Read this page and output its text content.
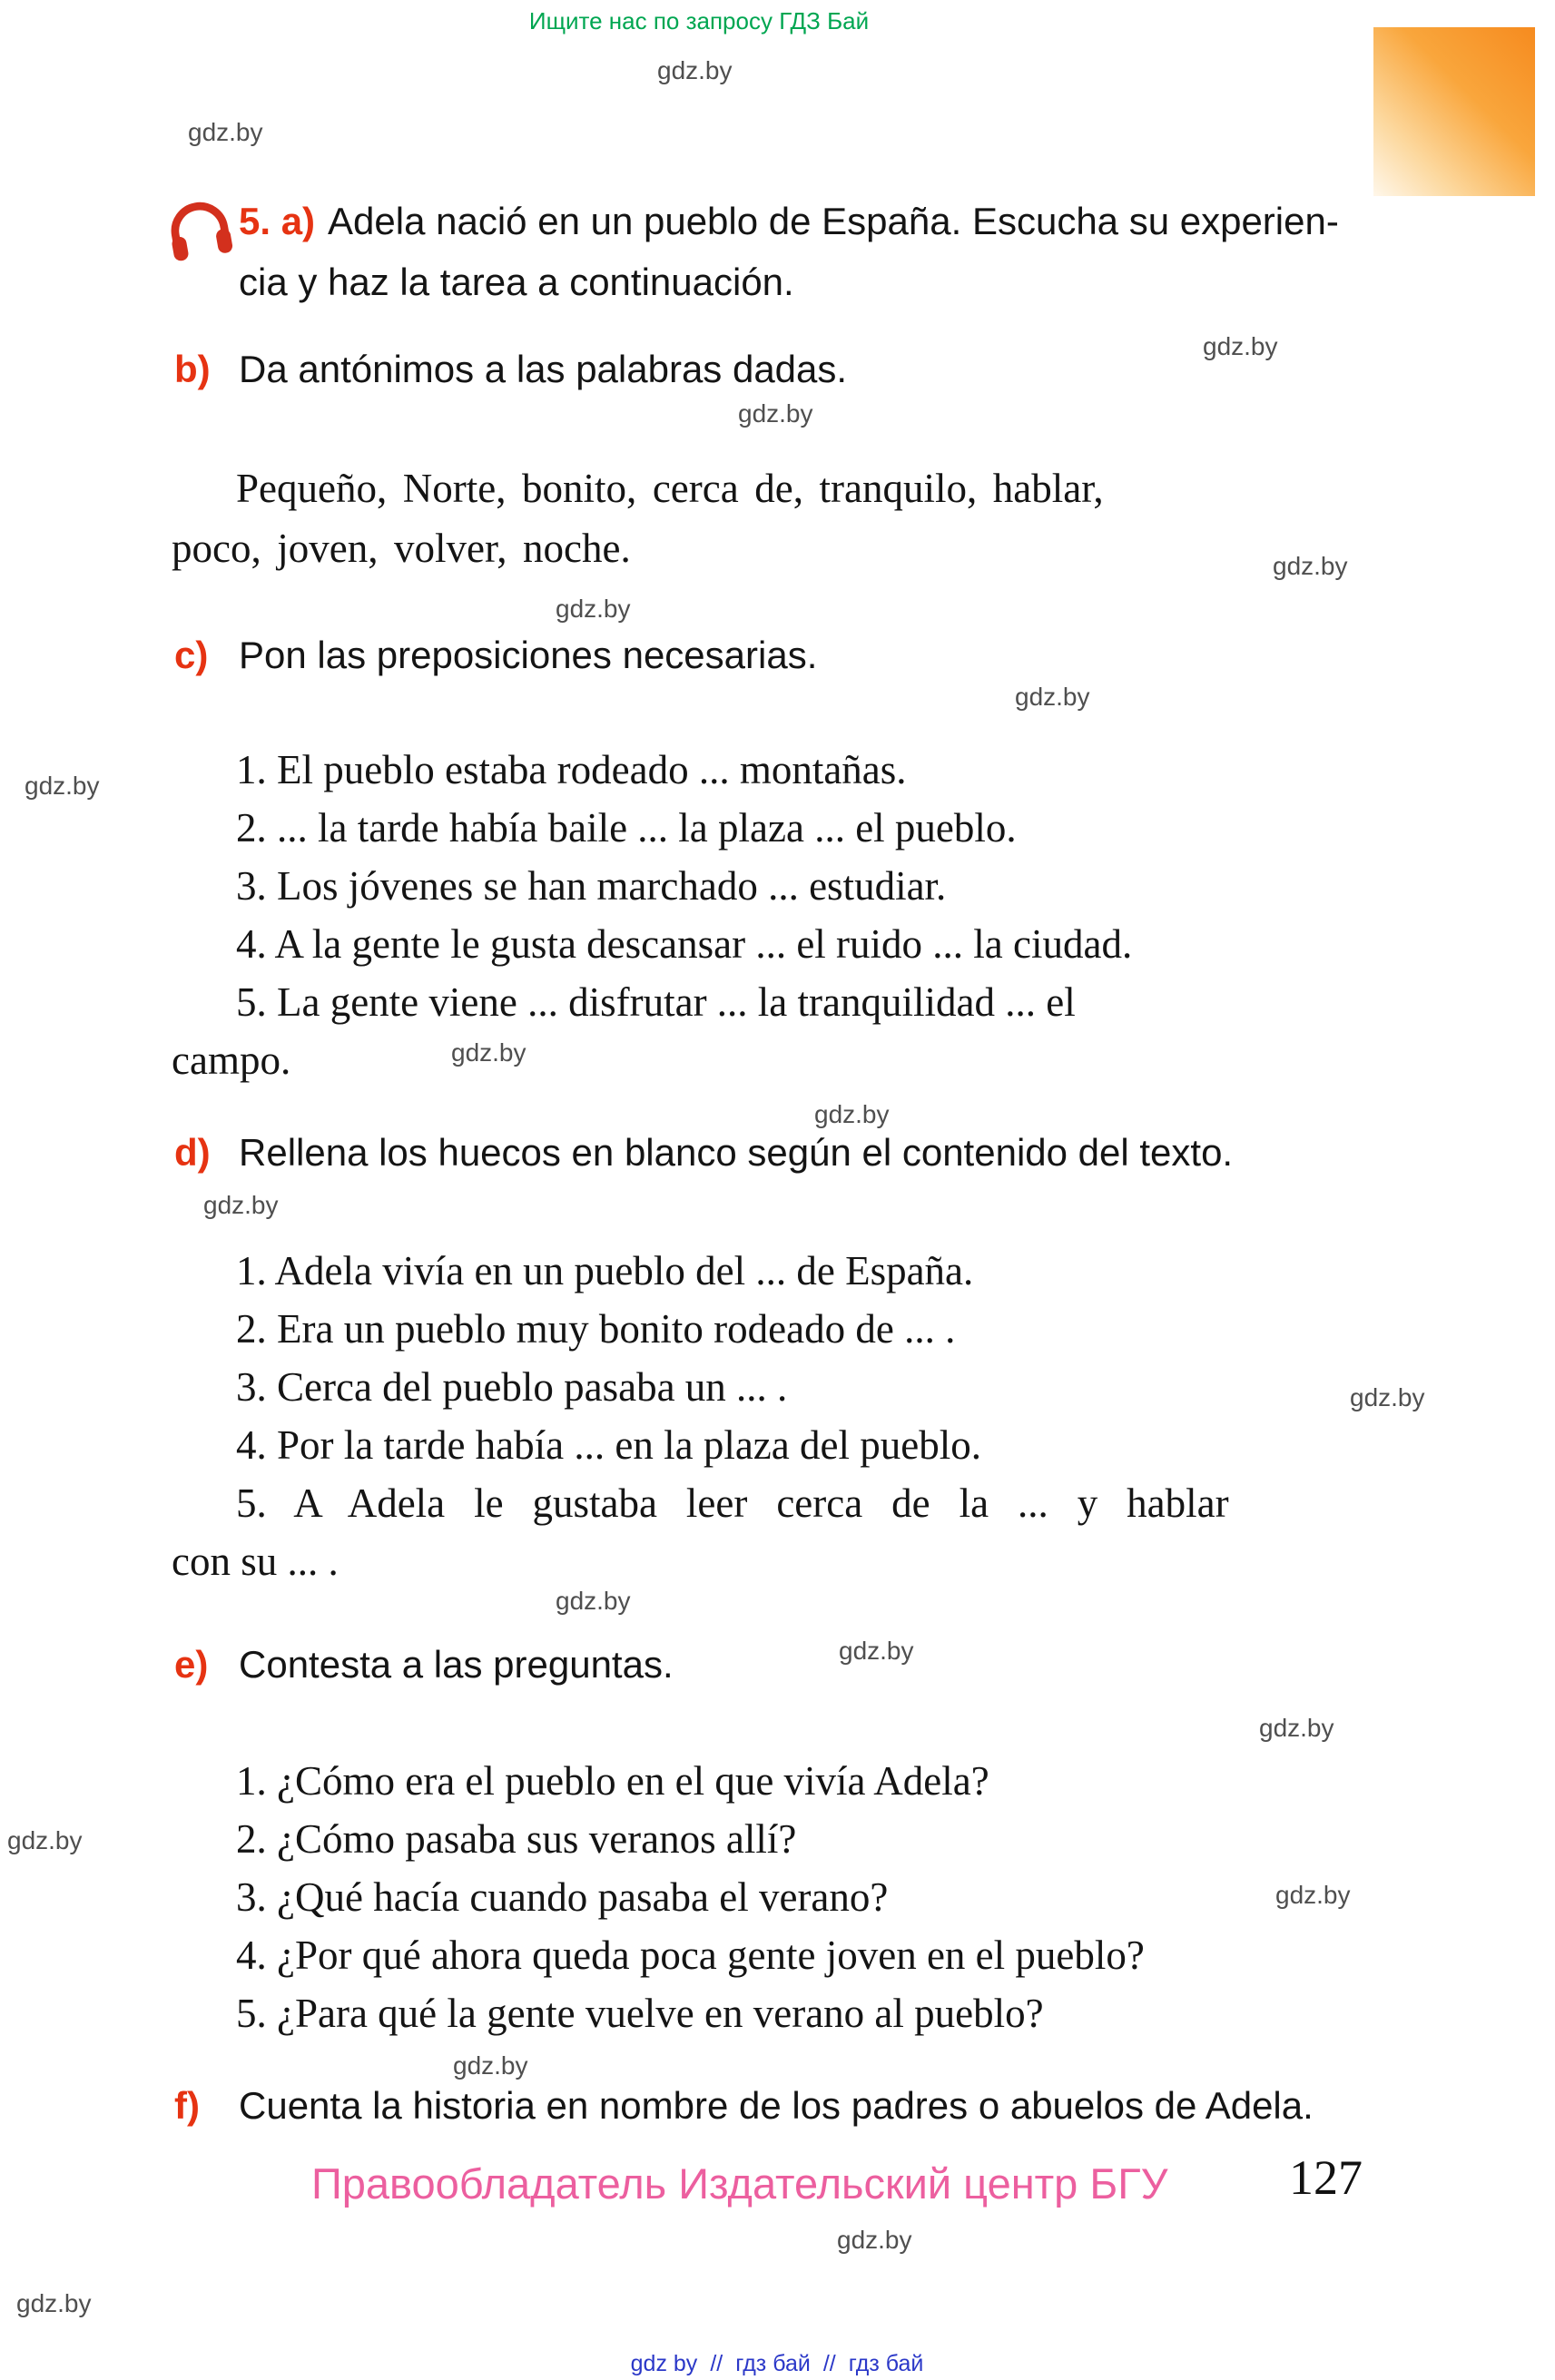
Ищите нас по запросу ГДЗ Бай
gdz.by
gdz.by
gdz.by
gdz.by
gdz.by
gdz.by
gdz.by
gdz.by
gdz.by
gdz.by
gdz.by
gdz.by
gdz.by
gdz.by
gdz.by
gdz.by
gdz.by
gdz.by
gdz.by
gdz.by
5. a) Adela nació en un pueblo de España. Escucha su experien-
cia y haz la tarea a continuación.
b) Da antónimos a las palabras dadas.
Pequeño, Norte, bonito, cerca de, tranquilo, hablar,
poco, joven, volver, noche.
c) Pon las preposiciones necesarias.
1. El pueblo estaba rodeado ... montañas.
2. ... la tarde había baile ... la plaza ... el pueblo.
3. Los jóvenes se han marchado ... estudiar.
4. A la gente le gusta descansar ... el ruido ... la ciudad.
5. La gente viene ... disfrutar ... la tranquilidad ... el
campo.
d) Rellena los huecos en blanco según el contenido del texto.
1. Adela vivía en un pueblo del ... de España.
2. Era un pueblo muy bonito rodeado de ... .
3. Cerca del pueblo pasaba un ... .
4. Por la tarde había ... en la plaza del pueblo.
5. A Adela le gustaba leer cerca de la ... y hablar
con su ... .
e) Contesta a las preguntas.
1. ¿Cómo era el pueblo en el que vivía Adela?
2. ¿Cómo pasaba sus veranos allí?
3. ¿Qué hacía cuando pasaba el verano?
4. ¿Por qué ahora queda poca gente joven en el pueblo?
5. ¿Para qué la gente vuelve en verano al pueblo?
f) Cuenta la historia en nombre de los padres o abuelos de Adela.
Правообладатель Издательский центр БГУ 127
gdz by // гдз бай // гдз бай
